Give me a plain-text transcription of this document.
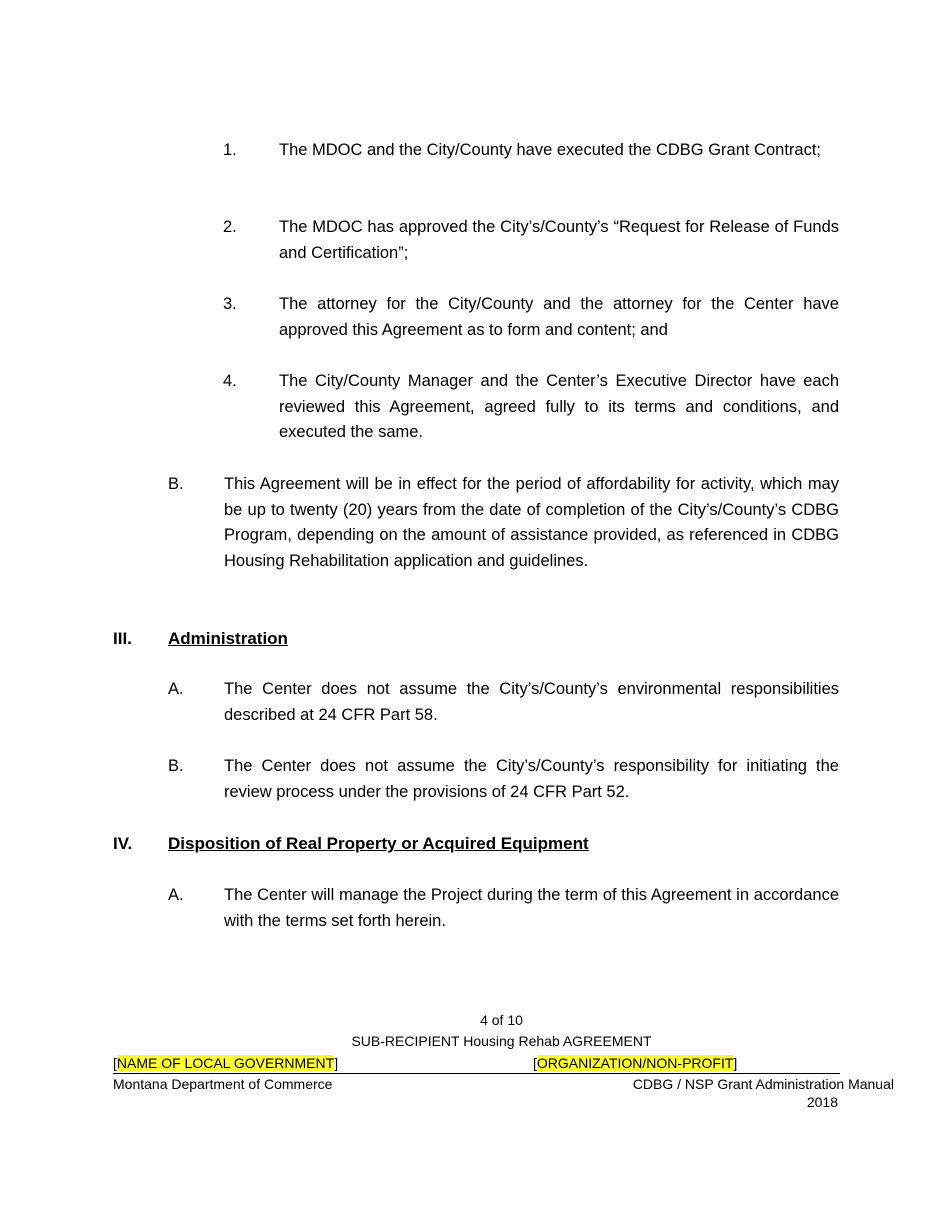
1.	The MDOC and the City/County have executed the CDBG Grant Contract;
2.	The MDOC has approved the City’s/County’s “Request for Release of Funds and Certification”;
3.	The attorney for the City/County and the attorney for the Center have approved this Agreement as to form and content; and
4.	The City/County Manager and the Center’s Executive Director have each reviewed this Agreement, agreed fully to its terms and conditions, and executed the same.
B. This Agreement will be in effect for the period of affordability for activity, which may be up to twenty (20) years from the date of completion of the City’s/County’s CDBG Program, depending on the amount of assistance provided, as referenced in CDBG Housing Rehabilitation application and guidelines.
III. Administration
A. The Center does not assume the City’s/County’s environmental responsibilities described at 24 CFR Part 58.
B. The Center does not assume the City’s/County’s responsibility for initiating the review process under the provisions of 24 CFR Part 52.
IV. Disposition of Real Property or Acquired Equipment
A. The Center will manage the Project during the term of this Agreement in accordance with the terms set forth herein.
4 of 10
SUB-RECIPIENT Housing Rehab AGREEMENT
[NAME OF LOCAL GOVERNMENT]	[ORGANIZATION/NON-PROFIT]
Montana Department of Commerce	CDBG / NSP Grant Administration Manual
2018
